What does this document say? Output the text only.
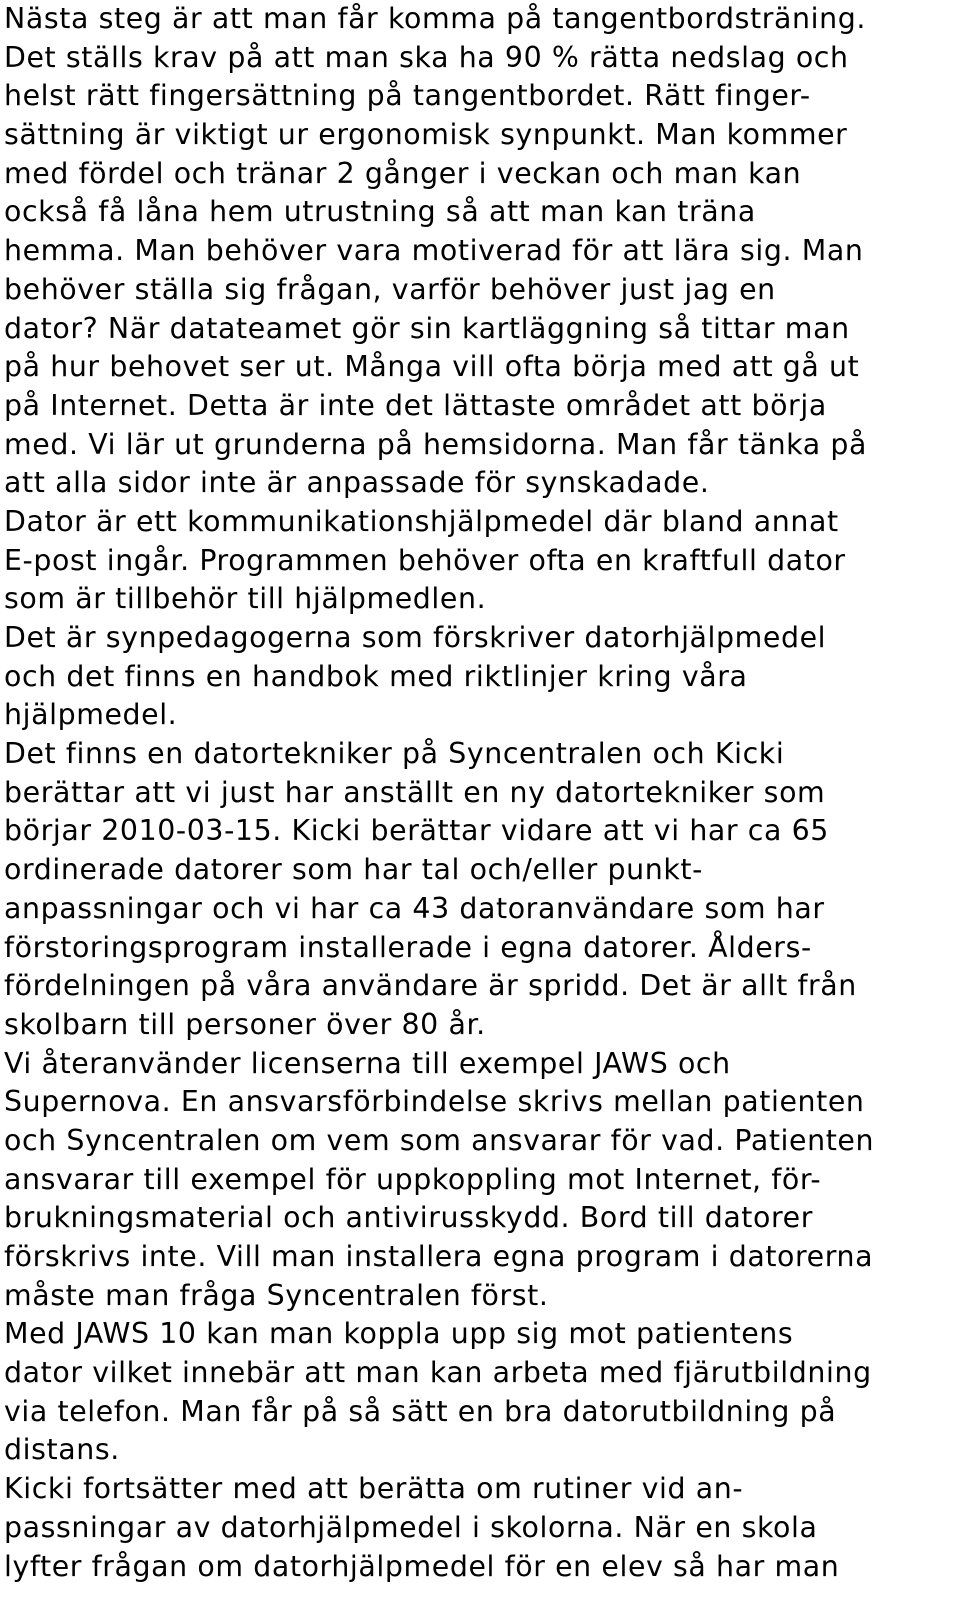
Nästa steg är att man får komma på tangentbordsträning.
Det ställs krav på att man ska ha 90 % rätta nedslag och
helst rätt fingersättning på tangentbordet. Rätt finger-
sättning är viktigt ur ergonomisk synpunkt. Man kommer
med fördel och tränar 2 gånger i veckan och man kan
också få låna hem utrustning så att man kan träna
hemma. Man behöver vara motiverad för att lära sig. Man
behöver ställa sig frågan, varför behöver just jag en
dator? När datateamet gör sin kartläggning så tittar man
på hur behovet ser ut. Många vill ofta börja med att gå ut
på Internet. Detta är inte det lättaste området att börja
med. Vi lär ut grunderna på hemsidorna. Man får tänka på
att alla sidor inte är anpassade för synskadade.
Dator är ett kommunikationshjälpmedel där bland annat
E-post ingår. Programmen behöver ofta en kraftfull dator
som är tillbehör till hjälpmedlen.
Det är synpedagogerna som förskriver datorhjälpmedel
och det finns en handbok med riktlinjer kring våra
hjälpmedel.
Det finns en datortekniker på Syncentralen och Kicki
berättar att vi just har anställt en ny datortekniker som
börjar 2010-03-15. Kicki berättar vidare att vi har ca 65
ordinerade datorer som har tal och/eller punkt-
anpassningar och vi har ca 43 datoranvändare som har
förstoringsprogram installerade i egna datorer. Ålders-
fördelningen på våra användare är spridd. Det är allt från
skolbarn till personer över 80 år.
Vi återanvänder licenserna till exempel JAWS och
Supernova. En ansvarsförbindelse skrivs mellan patienten
och Syncentralen om vem som ansvarar för vad. Patienten
ansvarar till exempel för uppkoppling mot Internet, för-
brukningsmaterial och antivirusskydd. Bord till datorer
förskrivs inte. Vill man installera egna program i datorerna
måste man fråga Syncentralen först.
Med JAWS 10 kan man koppla upp sig mot patientens
dator vilket innebär att man kan arbeta med fjärutbildning
via telefon. Man får på så sätt en bra datorutbildning på
distans.
Kicki fortsätter med att berätta om rutiner vid an-
passningar av datorhjälpmedel i skolorna. När en skola
lyfter frågan om datorhjälpmedel för en elev så har man
